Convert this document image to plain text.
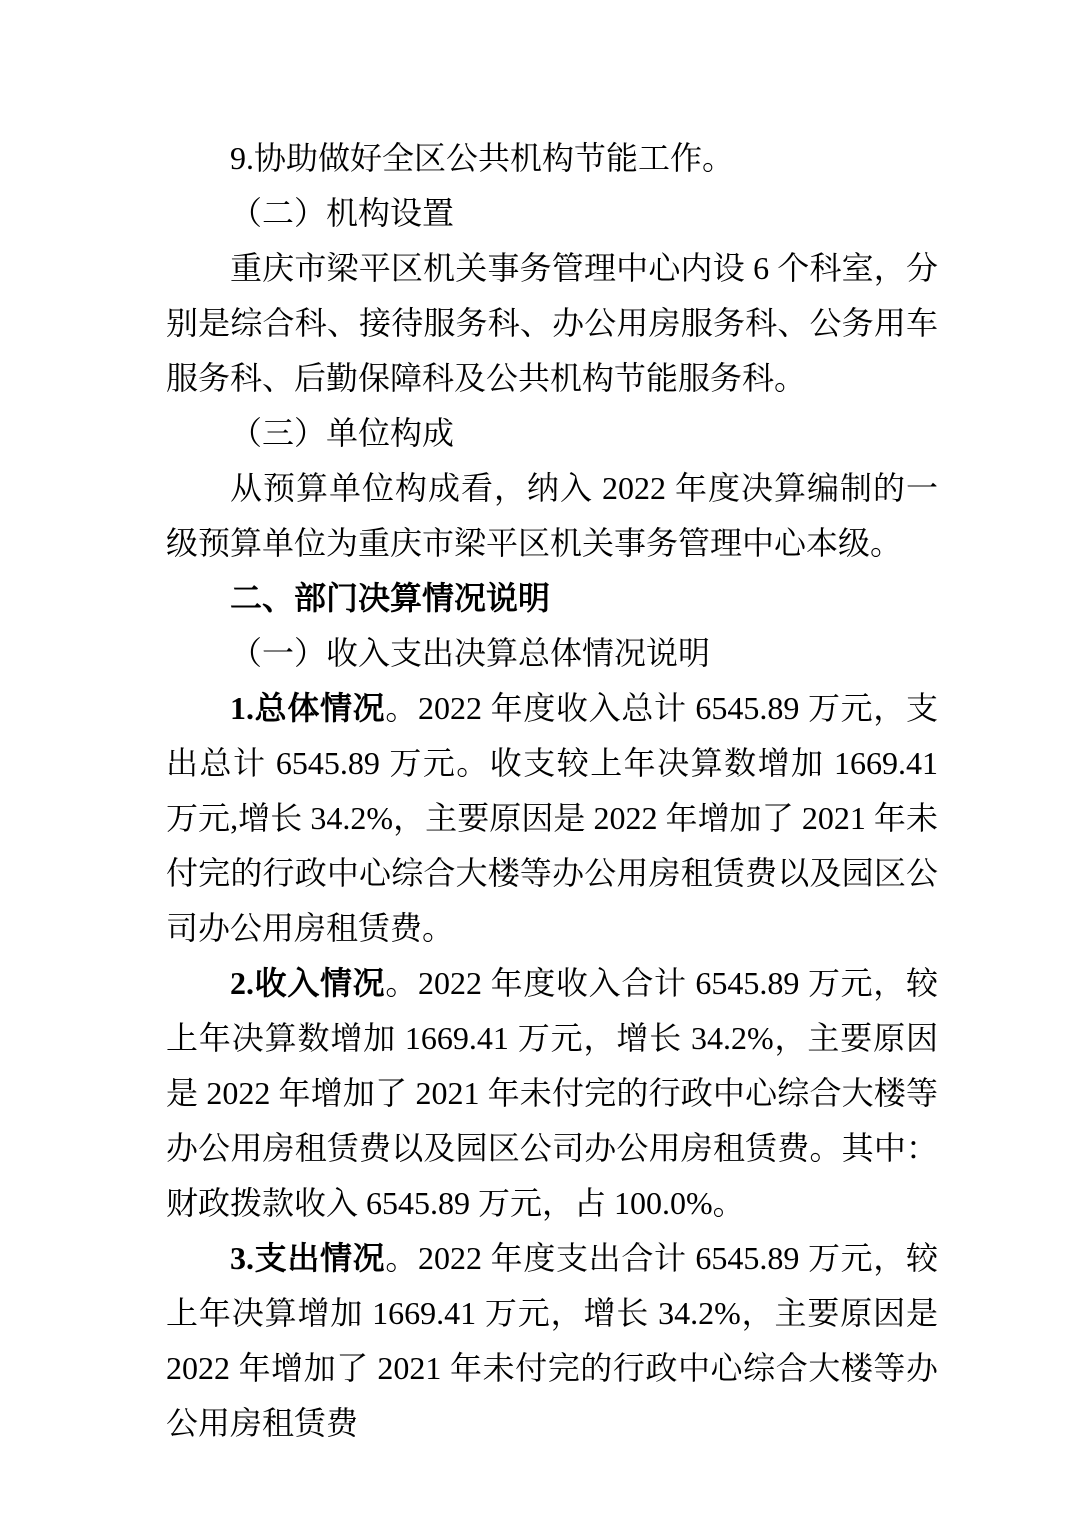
9.协助做好全区公共机构节能工作。

（二）机构设置

重庆市梁平区机关事务管理中心内设 6 个科室，分别是综合科、接待服务科、办公用房服务科、公务用车服务科、后勤保障科及公共机构节能服务科。

（三）单位构成

从预算单位构成看，纳入 2022 年度决算编制的一级预算单位为重庆市梁平区机关事务管理中心本级。

二、部门决算情况说明

（一）收入支出决算总体情况说明

1.总体情况。2022 年度收入总计 6545.89 万元，支出总计 6545.89 万元。收支较上年决算数增加 1669.41 万元,增长 34.2%，主要原因是 2022 年增加了 2021 年未付完的行政中心综合大楼等办公用房租赁费以及园区公司办公用房租赁费。

2.收入情况。2022 年度收入合计 6545.89 万元，较上年决算数增加 1669.41 万元，增长 34.2%，主要原因是 2022 年增加了 2021 年未付完的行政中心综合大楼等办公用房租赁费以及园区公司办公用房租赁费。其中：财政拨款收入 6545.89 万元，占 100.0%。

3.支出情况。2022 年度支出合计 6545.89 万元，较上年决算增加 1669.41 万元，增长 34.2%，主要原因是 2022 年增加了 2021 年未付完的行政中心综合大楼等办公用房租赁费
